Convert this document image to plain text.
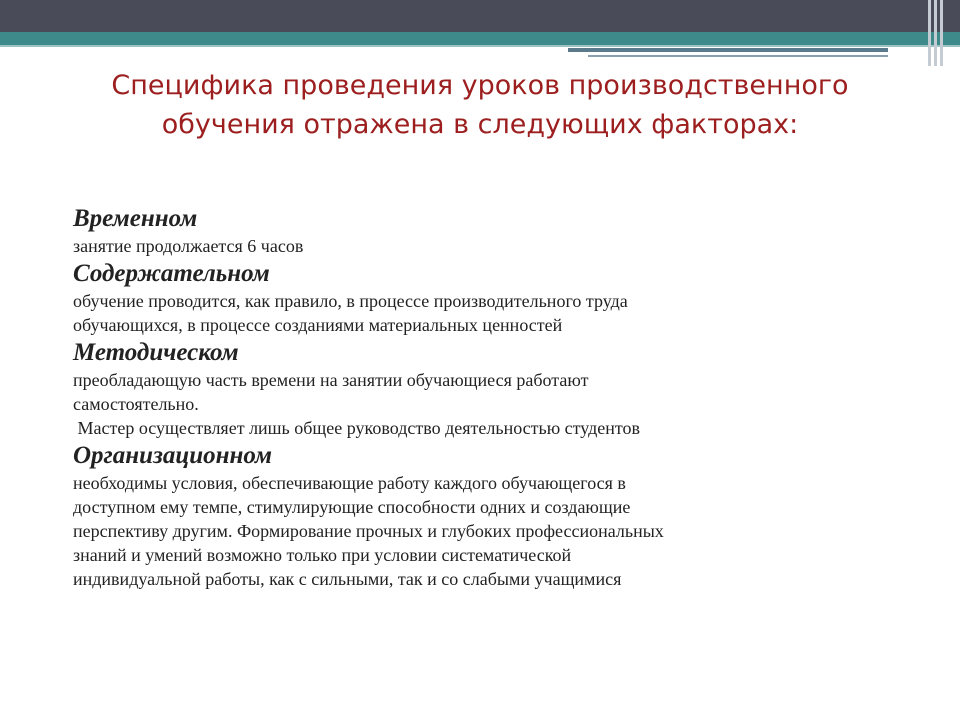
Специфика проведения уроков производственного
обучения отражена в следующих факторах:

Временном

занятие продолжается 6 часов

Содержательном

обучение проводится, как правило, в процессе производительного труда

обучающихся, в процессе созданиями материальных ценностей

Методическом

преобладающую часть времени на занятии обучающиеся работают

самостоятельно.

Мастер осуществляет лишь общее руководство деятельностью студентов

Организационном

необходимы условия, обеспечивающие работу каждого обучающегося в

доступном ему темпе, стимулирующие способности одних и создающие

перспективу другим. Формирование прочных и глубоких профессиональных

знаний и умений возможно только при условии систематической

индивидуальной работы, как с сильными, так и со слабыми учащимися
